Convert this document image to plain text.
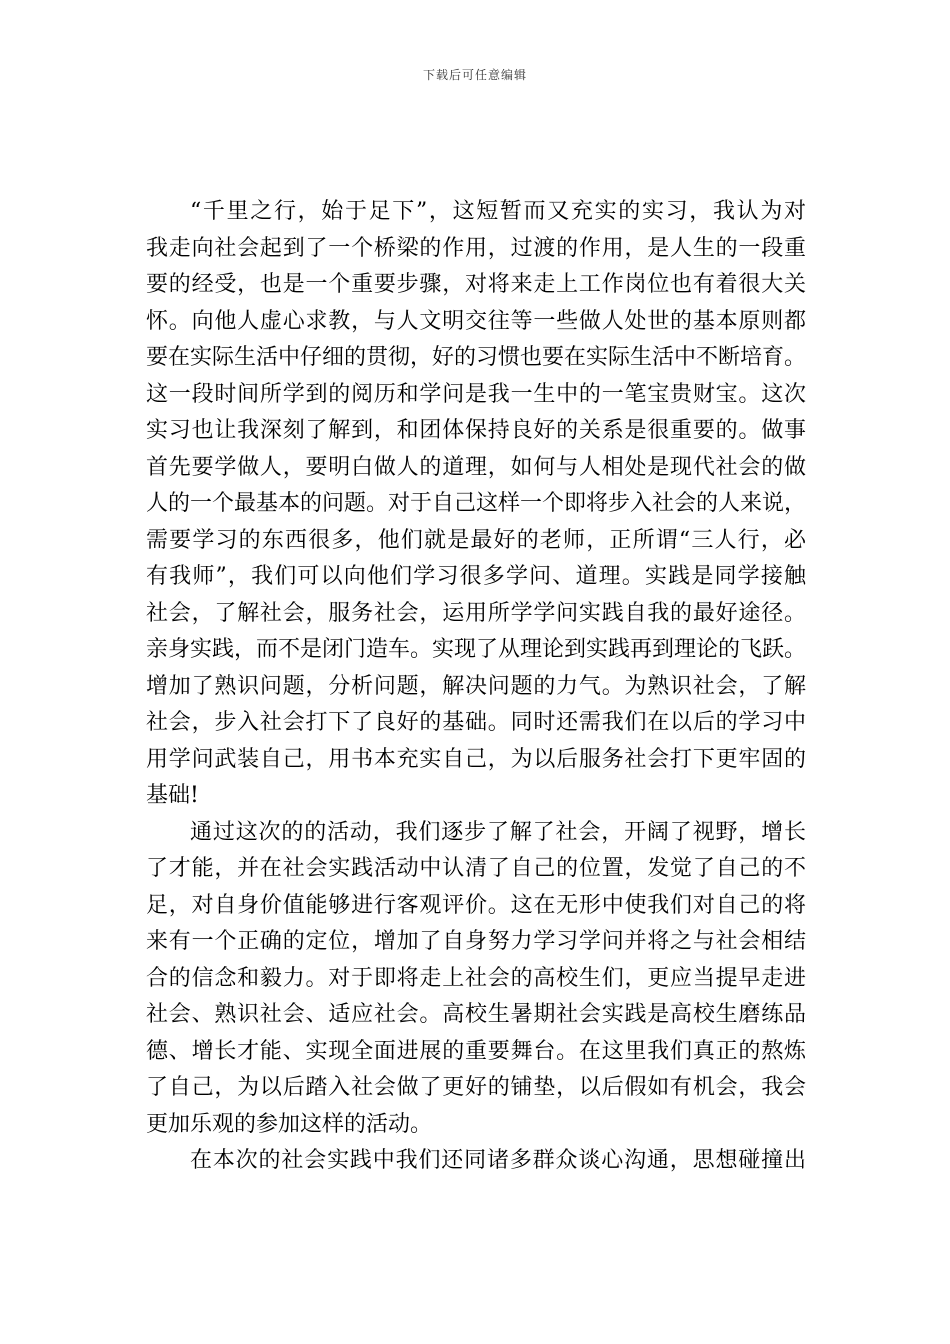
下载后可任意编辑
“千里之行，始于足下”，这短暂而又充实的实习，我认为对
我走向社会起到了一个桥梁的作用，过渡的作用，是人生的一段重
要的经受，也是一个重要步骤，对将来走上工作岗位也有着很大关
怀。向他人虚心求教，与人文明交往等一些做人处世的基本原则都
要在实际生活中仔细的贯彻，好的习惯也要在实际生活中不断培育。
这一段时间所学到的阅历和学问是我一生中的一笔宝贵财宝。这次
实习也让我深刻了解到，和团体保持良好的关系是很重要的。做事
首先要学做人，要明白做人的道理，如何与人相处是现代社会的做
人的一个最基本的问题。对于自己这样一个即将步入社会的人来说，
需要学习的东西很多，他们就是最好的老师，正所谓“三人行，必
有我师”，我们可以向他们学习很多学问、道理。实践是同学接触
社会，了解社会，服务社会，运用所学学问实践自我的最好途径。
亲身实践，而不是闭门造车。实现了从理论到实践再到理论的飞跃。
增加了熟识问题，分析问题，解决问题的力气。为熟识社会，了解
社会，步入社会打下了良好的基础。同时还需我们在以后的学习中
用学问武装自己，用书本充实自己，为以后服务社会打下更牢固的
基础!
通过这次的的活动，我们逐步了解了社会，开阔了视野，增长
了才能，并在社会实践活动中认清了自己的位置，发觉了自己的不
足，对自身价值能够进行客观评价。这在无形中使我们对自己的将
来有一个正确的定位，增加了自身努力学习学问并将之与社会相结
合的信念和毅力。对于即将走上社会的高校生们，更应当提早走进
社会、熟识社会、适应社会。高校生暑期社会实践是高校生磨练品
德、增长才能、实现全面进展的重要舞台。在这里我们真正的熬炼
了自己，为以后踏入社会做了更好的铺垫，以后假如有机会，我会
更加乐观的参加这样的活动。
在本次的社会实践中我们还同诸多群众谈心沟通，思想碰撞出
